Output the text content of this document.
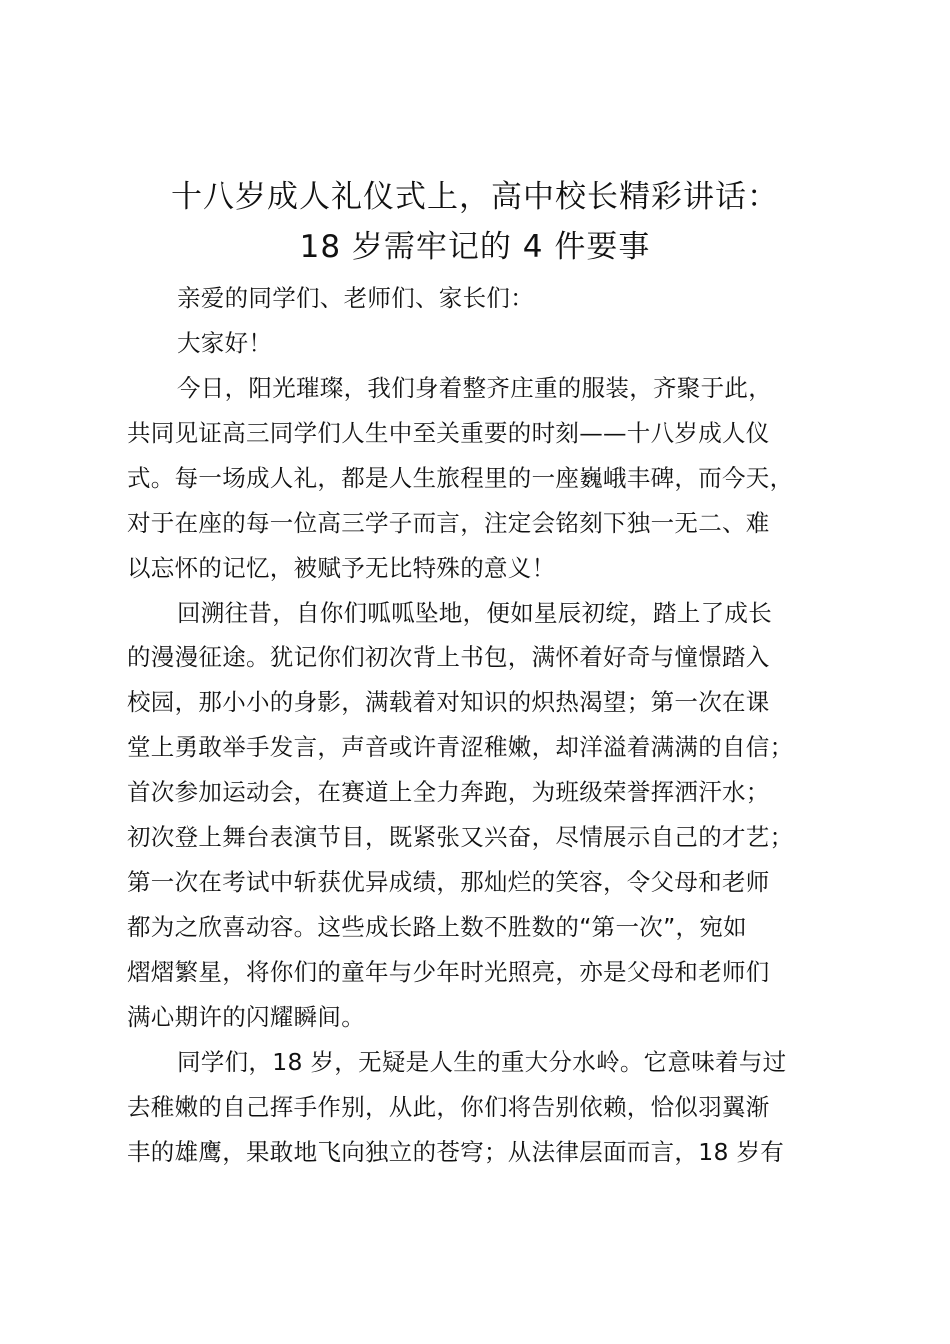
十八岁成人礼仪式上，高中校长精彩讲话：
18 岁需牢记的 4 件要事
亲爱的同学们、老师们、家长们：
大家好！
今日，阳光璀璨，我们身着整齐庄重的服装，齐聚于此，
共同见证高三同学们人生中至关重要的时刻——十八岁成人仪
式。每一场成人礼，都是人生旅程里的一座巍峨丰碑，而今天，
对于在座的每一位高三学子而言，注定会铭刻下独一无二、难
以忘怀的记忆，被赋予无比特殊的意义！
回溯往昔，自你们呱呱坠地，便如星辰初绽，踏上了成长
的漫漫征途。犹记你们初次背上书包，满怀着好奇与憧憬踏入
校园，那小小的身影，满载着对知识的炽热渴望；第一次在课
堂上勇敢举手发言，声音或许青涩稚嫩，却洋溢着满满的自信；
首次参加运动会，在赛道上全力奔跑，为班级荣誉挥洒汗水；
初次登上舞台表演节目，既紧张又兴奋，尽情展示自己的才艺；
第一次在考试中斩获优异成绩，那灿烂的笑容，令父母和老师
都为之欣喜动容。这些成长路上数不胜数的“第一次”，宛如
熠熠繁星，将你们的童年与少年时光照亮，亦是父母和老师们
满心期许的闪耀瞬间。
同学们，18 岁，无疑是人生的重大分水岭。它意味着与过
去稚嫩的自己挥手作别，从此，你们将告别依赖，恰似羽翼渐
丰的雄鹰，果敢地飞向独立的苍穹；从法律层面而言，18 岁有
